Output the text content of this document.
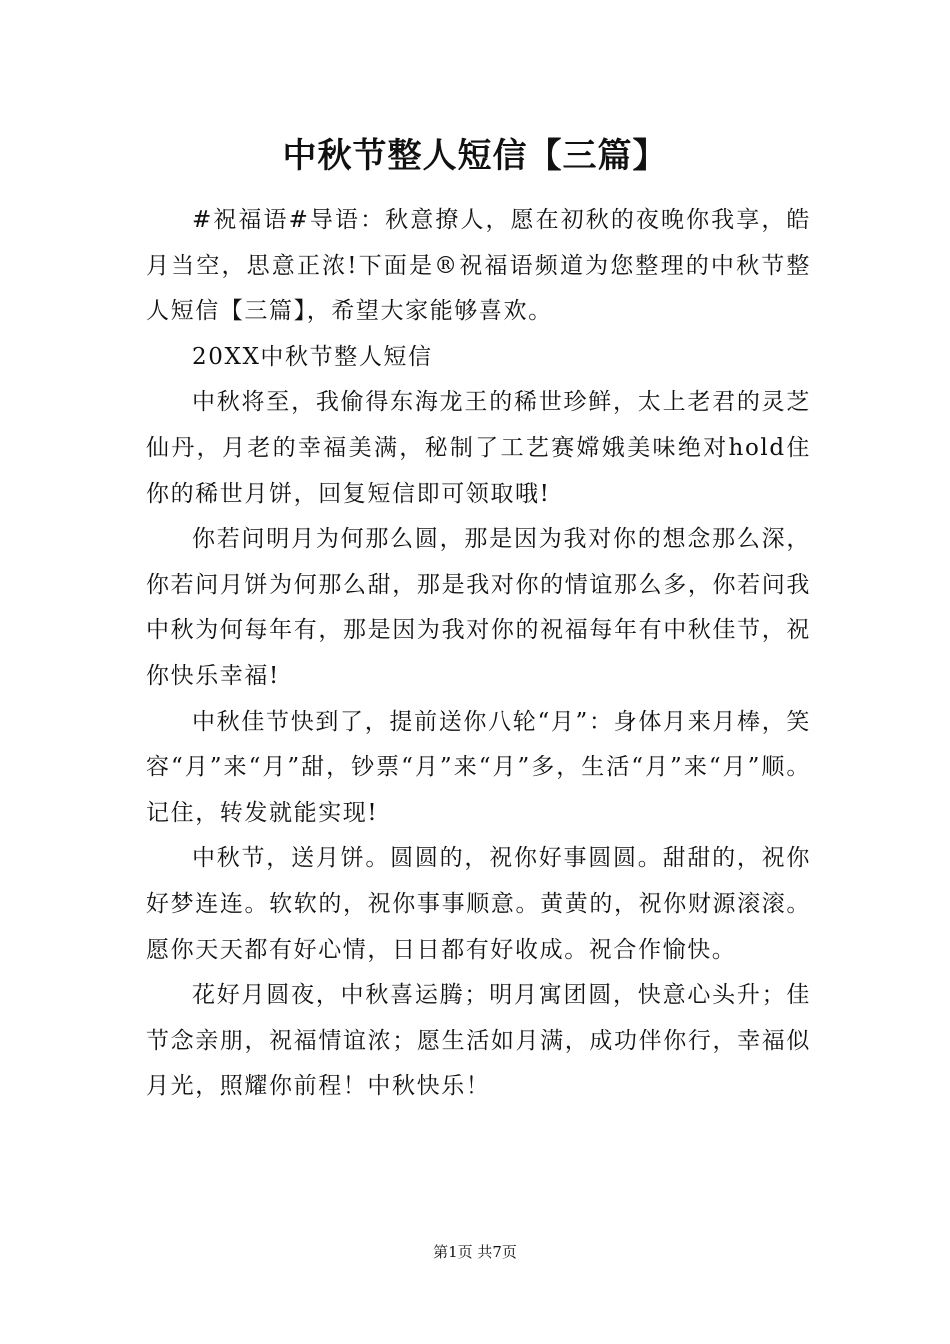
中秋节整人短信【三篇】

#祝福语#导语：秋意撩人，愿在初秋的夜晚你我享，皓月当空，思意正浓!下面是®祝福语频道为您整理的中秋节整人短信【三篇】，希望大家能够喜欢。

20XX中秋节整人短信

中秋将至，我偷得东海龙王的稀世珍鲜，太上老君的灵芝仙丹，月老的幸福美满，秘制了工艺赛嫦娥美味绝对hold住你的稀世月饼，回复短信即可领取哦!

你若问明月为何那么圆，那是因为我对你的想念那么深，你若问月饼为何那么甜，那是我对你的情谊那么多，你若问我中秋为何每年有，那是因为我对你的祝福每年有中秋佳节，祝你快乐幸福!

中秋佳节快到了，提前送你八轮“月”：身体月来月棒，笑容“月”来“月”甜，钞票“月”来“月”多，生活“月”来“月”顺。记住，转发就能实现!

中秋节，送月饼。圆圆的，祝你好事圆圆。甜甜的，祝你好梦连连。软软的，祝你事事顺意。黄黄的，祝你财源滚滚。愿你天天都有好心情，日日都有好收成。祝合作愉快。

花好月圆夜，中秋喜运腾；明月寓团圆，快意心头升；佳节念亲朋，祝福情谊浓；愿生活如月满，成功伴你行，幸福似月光，照耀你前程！中秋快乐！

第1页 共7页
